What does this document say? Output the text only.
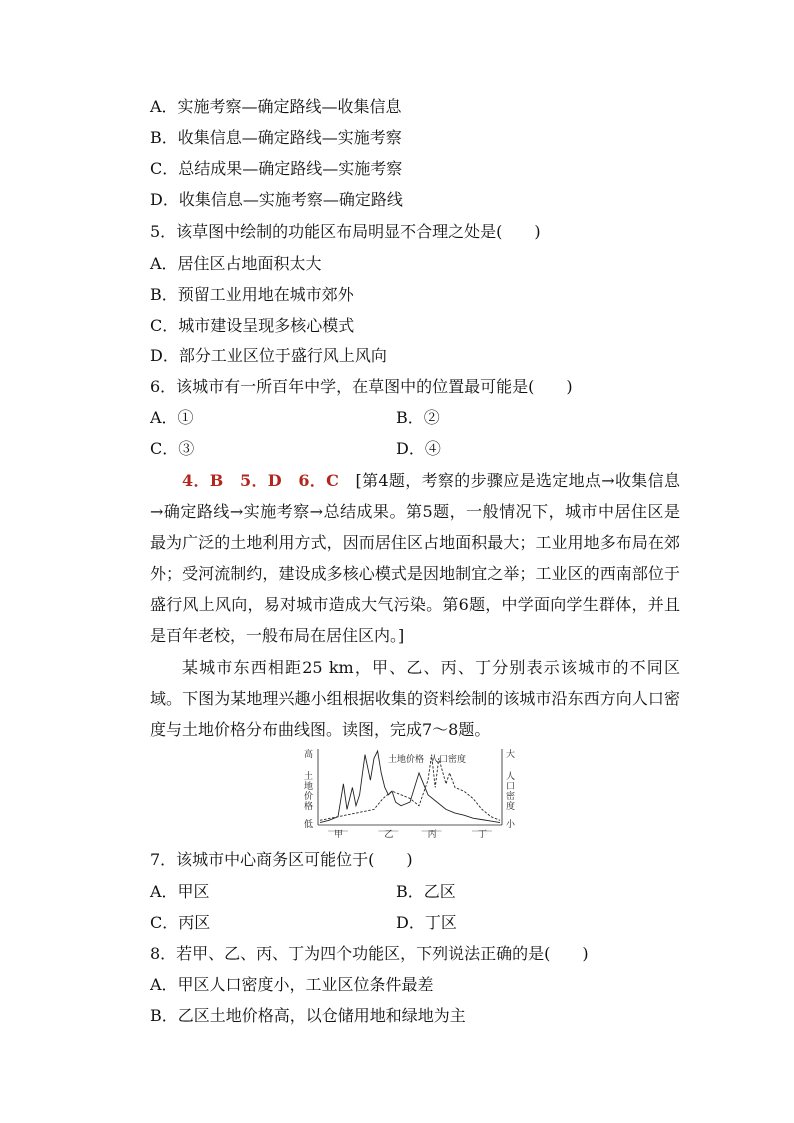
A．实施考察—确定路线—收集信息
B．收集信息—确定路线—实施考察
C．总结成果—确定路线—实施考察
D．收集信息—实施考察—确定路线
5．该草图中绘制的功能区布局明显不合理之处是(　　)
A．居住区占地面积太大
B．预留工业用地在城市郊外
C．城市建设呈现多核心模式
D．部分工业区位于盛行风上风向
6．该城市有一所百年中学，在草图中的位置最可能是(　　)
A．①	B．②
C．③	D．④
4．B　5．D　6．C　 [第4题，考察的步骤应是选定地点→收集信息→确定路线→实施考察→总结成果。第5题，一般情况下，城市中居住区是最为广泛的土地利用方式，因而居住区占地面积最大；工业用地多布局在郊外；受河流制约，建设成多核心模式是因地制宜之举；工业区的西南部位于盛行风上风向，易对城市造成大气污染。第6题，中学面向学生群体，并且是百年老校，一般布局在居住区内。]
某城市东西相距25 km，甲、乙、丙、丁分别表示该城市的不同区域。下图为某地理兴趣小组根据收集的资料绘制的该城市沿东西方向人口密度与土地价格分布曲线图。读图，完成7～8题。
高
土地价格
低
大
人口密度
小
土地价格 人口密度
甲	乙	丙	丁
7．该城市中心商务区可能位于(　　)
A．甲区	B．乙区
C．丙区	D．丁区
8．若甲、乙、丙、丁为四个功能区，下列说法正确的是(　　)
A．甲区人口密度小，工业区位条件最差
B．乙区土地价格高，以仓储用地和绿地为主
